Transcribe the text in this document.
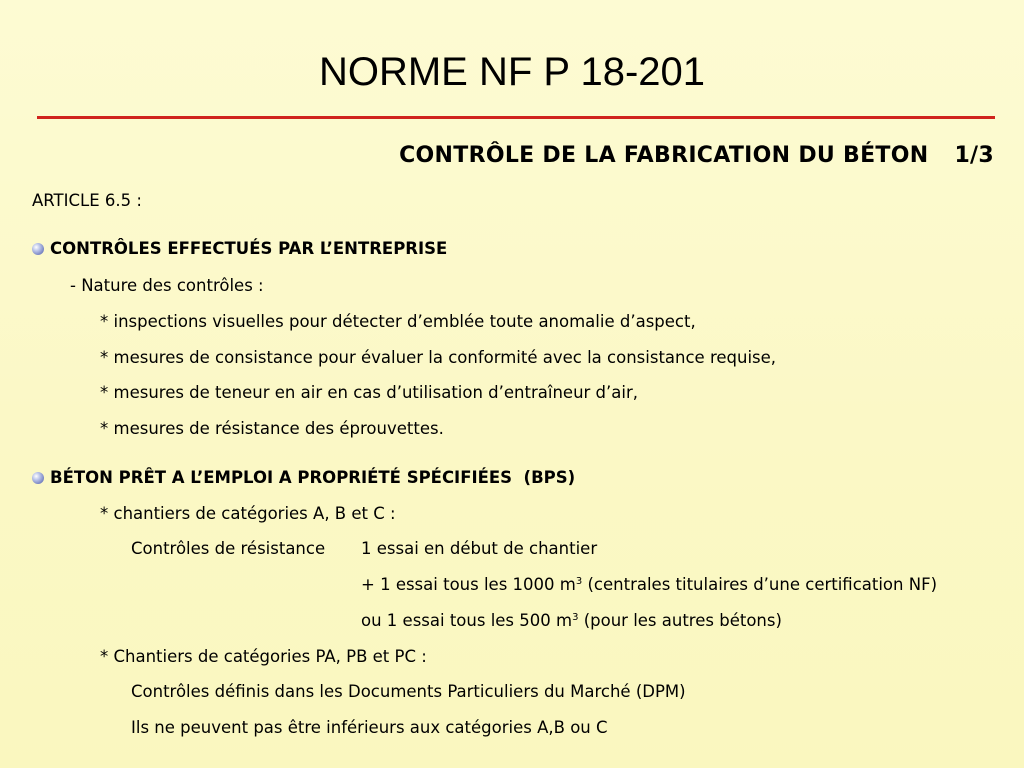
NORME NF P 18-201
CONTRÔLE DE LA FABRICATION DU BÉTON 1/3
ARTICLE 6.5 :
CONTRÔLES EFFECTUÉS PAR L’ENTREPRISE
- Nature des contrôles :
* inspections visuelles pour détecter d’emblée toute anomalie d’aspect,
* mesures de consistance pour évaluer la conformité avec la consistance requise,
* mesures de teneur en air en cas d’utilisation d’entraîneur d’air,
* mesures de résistance des éprouvettes.
BÉTON PRÊT A L’EMPLOI A PROPRIÉTÉ SPÉCIFIÉES (BPS)
* chantiers de catégories A, B et C :
Contrôles de résistance 1 essai en début de chantier
+ 1 essai tous les 1000 $m^3$ (centrales titulaires d’une certification NF)
ou 1 essai tous les 500 $m^3$ (pour les autres bétons)
* Chantiers de catégories PA, PB et PC :
Contrôles définis dans les Documents Particuliers du Marché (DPM)
Ils ne peuvent pas être inférieurs aux catégories A,B ou C
